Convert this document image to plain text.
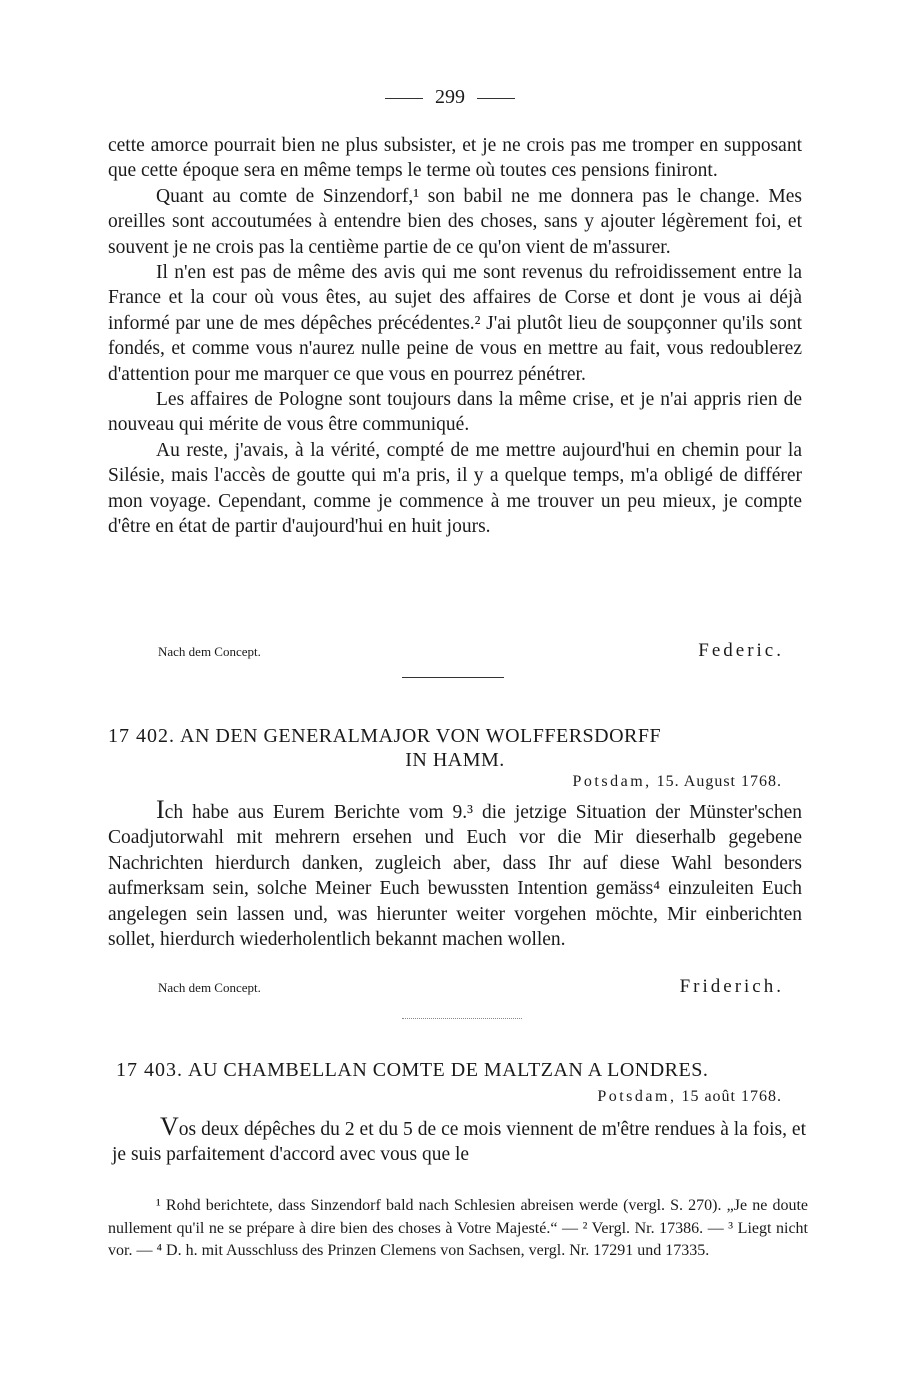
299

cette amorce pourrait bien ne plus subsister, et je ne crois pas me tromper en supposant que cette époque sera en même temps le terme où toutes ces pensions finiront.

Quant au comte de Sinzendorf,¹ son babil ne me donnera pas le change. Mes oreilles sont accoutumées à entendre bien des choses, sans y ajouter légèrement foi, et souvent je ne crois pas la centième partie de ce qu'on vient de m'assurer.

Il n'en est pas de même des avis qui me sont revenus du refroidissement entre la France et la cour où vous êtes, au sujet des affaires de Corse et dont je vous ai déjà informé par une de mes dépêches précédentes.² J'ai plutôt lieu de soupçonner qu'ils sont fondés, et comme vous n'aurez nulle peine de vous en mettre au fait, vous redoublerez d'attention pour me marquer ce que vous en pourrez pénétrer.

Les affaires de Pologne sont toujours dans la même crise, et je n'ai appris rien de nouveau qui mérite de vous être communiqué.

Au reste, j'avais, à la vérité, compté de me mettre aujourd'hui en chemin pour la Silésie, mais l'accès de goutte qui m'a pris, il y a quelque temps, m'a obligé de différer mon voyage. Cependant, comme je commence à me trouver un peu mieux, je compte d'être en état de partir d'aujourd'hui en huit jours.

Nach dem Concept.	Federic.
17 402. AN DEN GENERALMAJOR VON WOLFFERSDORFF
IN HAMM.
Potsdam, 15. August 1768.

Ich habe aus Eurem Berichte vom 9.³ die jetzige Situation der Münster'schen Coadjutorwahl mit mehrern ersehen und Euch vor die Mir dieserhalb gegebene Nachrichten hierdurch danken, zugleich aber, dass Ihr auf diese Wahl besonders aufmerksam sein, solche Meiner Euch bewussten Intention gemäss⁴ einzuleiten Euch angelegen sein lassen und, was hierunter weiter vorgehen möchte, Mir einberichten sollet, hierdurch wiederholentlich bekannt machen wollen.

Nach dem Concept.	Friderich.
17 403. AU CHAMBELLAN COMTE DE MALTZAN A LONDRES.
Potsdam, 15 août 1768.

Vos deux dépêches du 2 et du 5 de ce mois viennent de m'être rendues à la fois, et je suis parfaitement d'accord avec vous que le

¹ Rohd berichtete, dass Sinzendorf bald nach Schlesien abreisen werde (vergl. S. 270). „Je ne doute nullement qu'il ne se prépare à dire bien des choses à Votre Majesté.“ — ² Vergl. Nr. 17386. — ³ Liegt nicht vor. — ⁴ D. h. mit Ausschluss des Prinzen Clemens von Sachsen, vergl. Nr. 17291 und 17335.
